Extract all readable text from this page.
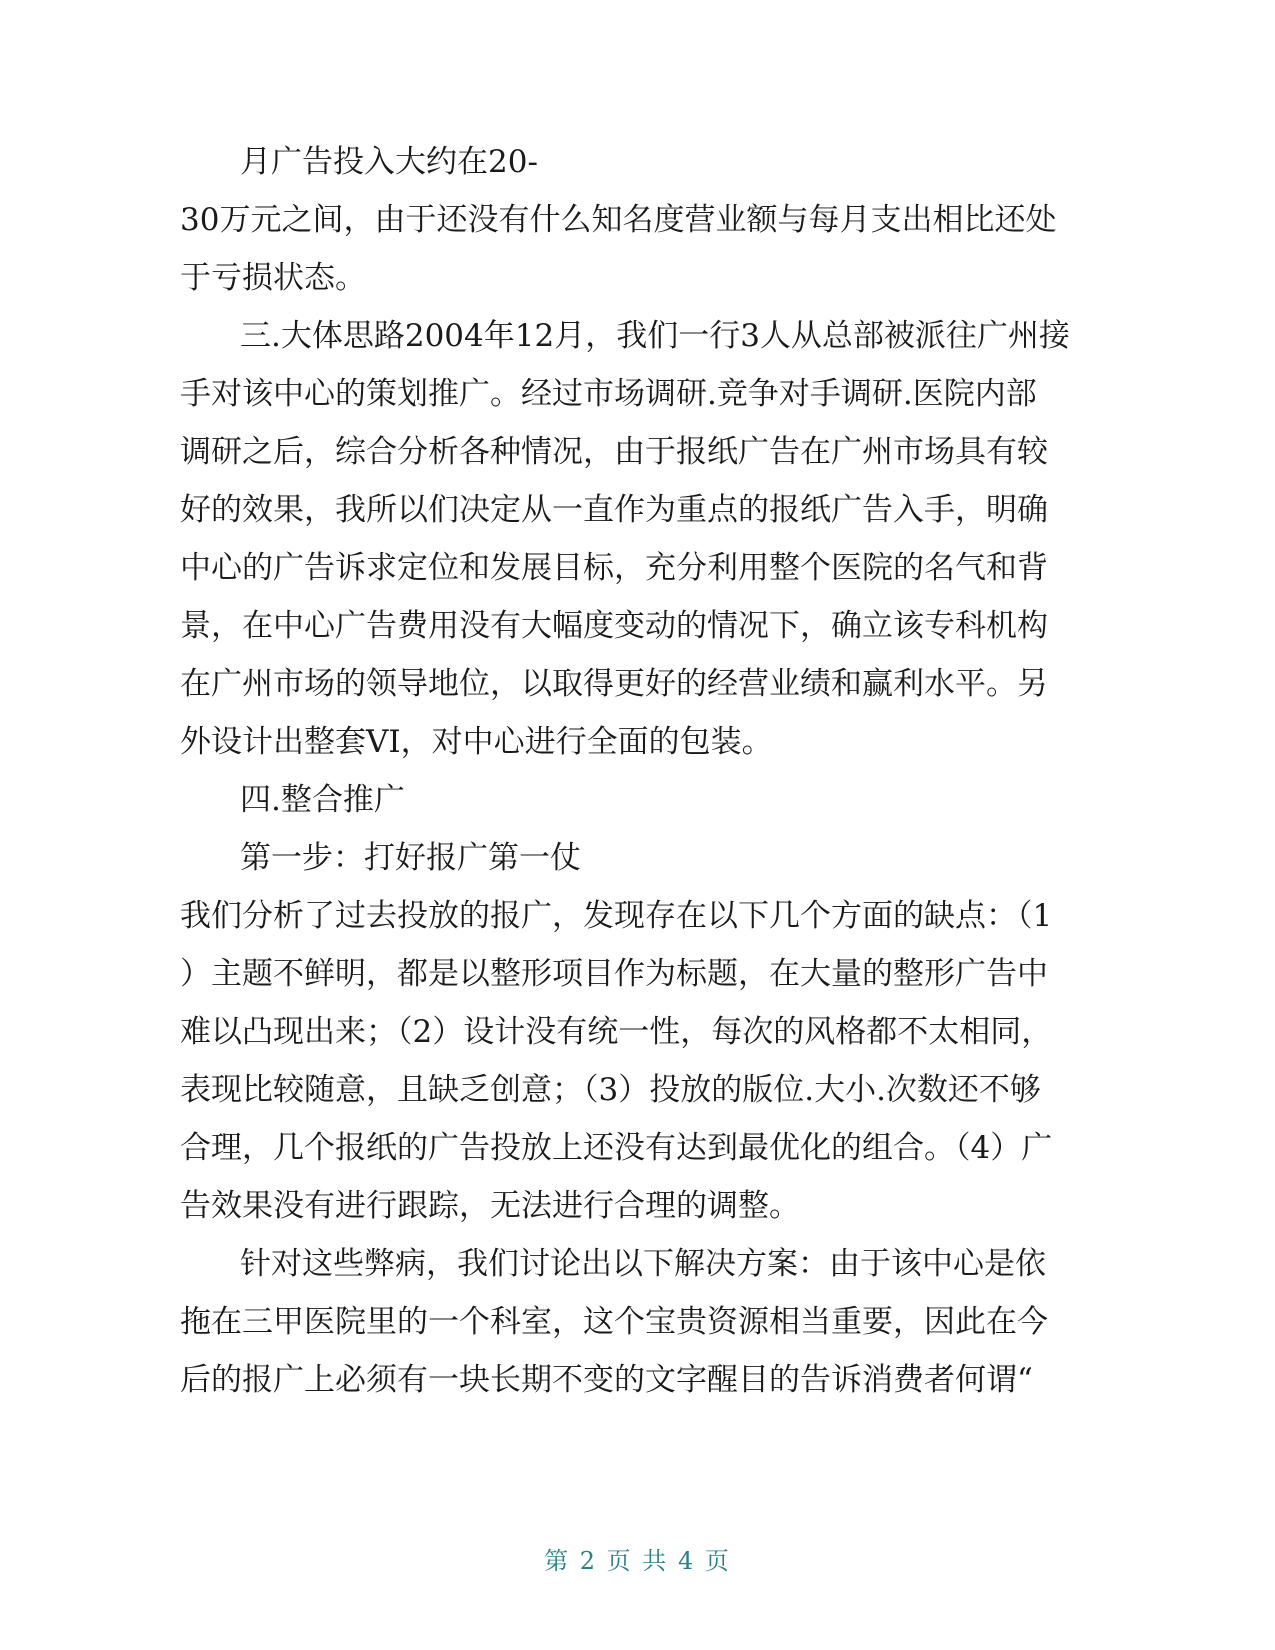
月广告投入大约在20-
30万元之间，由于还没有什么知名度营业额与每月支出相比还处
于亏损状态。
三.大体思路2004年12月，我们一行3人从总部被派往广州接
手对该中心的策划推广。经过市场调研.竞争对手调研.医院内部
调研之后，综合分析各种情况，由于报纸广告在广州市场具有较
好的效果，我所以们决定从一直作为重点的报纸广告入手，明确
中心的广告诉求定位和发展目标，充分利用整个医院的名气和背
景，在中心广告费用没有大幅度变动的情况下，确立该专科机构
在广州市场的领导地位，以取得更好的经营业绩和赢利水平。另
外设计出整套VI，对中心进行全面的包装。
四.整合推广
第一步：打好报广第一仗
我们分析了过去投放的报广，发现存在以下几个方面的缺点：（1
）主题不鲜明，都是以整形项目作为标题，在大量的整形广告中
难以凸现出来；（2）设计没有统一性，每次的风格都不太相同，
表现比较随意，且缺乏创意；（3）投放的版位.大小.次数还不够
合理，几个报纸的广告投放上还没有达到最优化的组合。（4）广
告效果没有进行跟踪，无法进行合理的调整。
针对这些弊病，我们讨论出以下解决方案：由于该中心是依
拖在三甲医院里的一个科室，这个宝贵资源相当重要，因此在今
后的报广上必须有一块长期不变的文字醒目的告诉消费者何谓“
第 2 页 共 4 页
